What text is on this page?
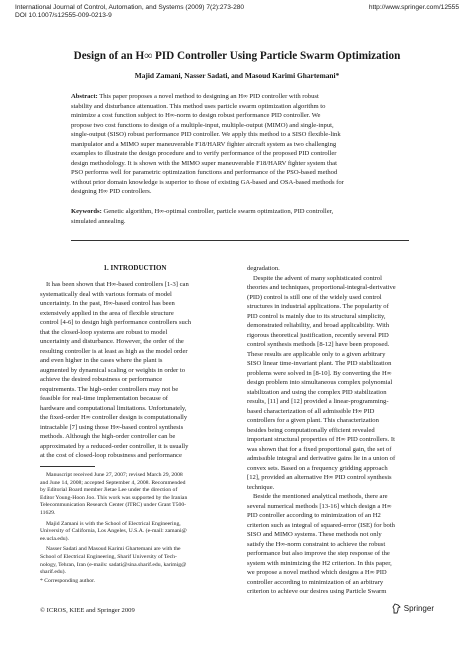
International Journal of Control, Automation, and Systems (2009) 7(2):273-280
DOI 10.1007/s12555-009-0213-9
http://www.springer.com/12555
Design of an H∞ PID Controller Using Particle Swarm Optimization
Majid Zamani, Nasser Sadati, and Masoud Karimi Ghartemani*
Abstract: This paper proposes a novel method to designing an H∞ PID controller with robust
stability and disturbance attenuation. This method uses particle swarm optimization algorithm to
minimize a cost function subject to H∞-norm to design robust performance PID controller. We
propose two cost functions to design of a multiple-input, multiple-output (MIMO) and single-input,
single-output (SISO) robust performance PID controller. We apply this method to a SISO flexible-link
manipulator and a MIMO super maneuverable F18/HARV fighter aircraft system as two challenging
examples to illustrate the design procedure and to verify performance of the proposed PID controller
design methodology. It is shown with the MIMO super maneuverable F18/HARV fighter system that
PSO performs well for parametric optimization functions and performance of the PSO-based method
without prior domain knowledge is superior to those of existing GA-based and OSA-based methods for
designing H∞ PID controllers.
Keywords: Genetic algorithm, H∞-optimal controller, particle swarm optimization, PID controller,
simulated annealing.
1. INTRODUCTION
It has been shown that H∞-based controllers [1-3] can
systematically deal with various formats of model
uncertainty. In the past, H∞-based control has been
extensively applied in the area of flexible structure
control [4-6] to design high performance controllers such
that the closed-loop systems are robust to model
uncertainty and disturbance. However, the order of the
resulting controller is at least as high as the model order
and even higher in the cases where the plant is
augmented by dynamical scaling or weights in order to
achieve the desired robustness or performance
requirements. The high-order controllers may not be
feasible for real-time implementation because of
hardware and computational limitations. Unfortunately,
the fixed-order H∞ controller design is computationally
intractable [7] using those H∞-based control synthesis
methods. Although the high-order controller can be
approximated by a reduced-order controller, it is usually
at the cost of closed-loop robustness and performance
Manuscript received June 27, 2007; revised March 29, 2008
and June 14, 2008; accepted September 4, 2008. Recommended
by Editorial Board member Jietae Lee under the direction of
Editor Young-Hoon Joo. This work was supported by the Iranian
Telecommunication Research Center (ITRC) under Grant T500-
11629.
Majid Zamani is with the School of Electrical Engineering,
University of California, Los Angeles, U.S.A. (e-mail: zamani@
ee.ucla.edu).
Nasser Sadati and Masoud Karimi Ghartemani are with the
School of Electrical Engineering, Sharif University of Tech-
nology, Tehran, Iran (e-mails: sadati@sina.sharif.edu, karimig@
sharif.edu).
* Corresponding author.
degradation.
Despite the advent of many sophisticated control
theories and techniques, proportional-integral-derivative
(PID) control is still one of the widely used control
structures in industrial applications. The popularity of
PID control is mainly due to its structural simplicity,
demonstrated reliability, and broad applicability. With
rigorous theoretical justification, recently several PID
control synthesis methods [8-12] have been proposed.
These results are applicable only to a given arbitrary
SISO linear time-invariant plant. The PID stabilization
problems were solved in [8-10]. By converting the H∞
design problem into simultaneous complex polynomial
stabilization and using the complex PID stabilization
results, [11] and [12] provided a linear-programming-
based characterization of all admissible H∞ PID
controllers for a given plant. This characterization
besides being computationally efficient revealed
important structural properties of H∞ PID controllers. It
was shown that for a fixed proportional gain, the set of
admissible integral and derivative gains lie in a union of
convex sets. Based on a frequency gridding approach
[12], provided an alternative H∞ PID control synthesis
technique.
Beside the mentioned analytical methods, there are
several numerical methods [13-16] which design a H∞
PID controller according to minimization of an H2
criterion such as integral of squared-error (ISE) for both
SISO and MIMO systems. These methods not only
satisfy the H∞-norm constraint to achieve the robust
performance but also improve the step response of the
system with minimizing the H2 criterion. In this paper,
we propose a novel method which designs a H∞ PID
controller according to minimization of an arbitrary
criterion to achieve our desires using Particle Swarm
© ICROS, KIEE and Springer 2009	Springer
